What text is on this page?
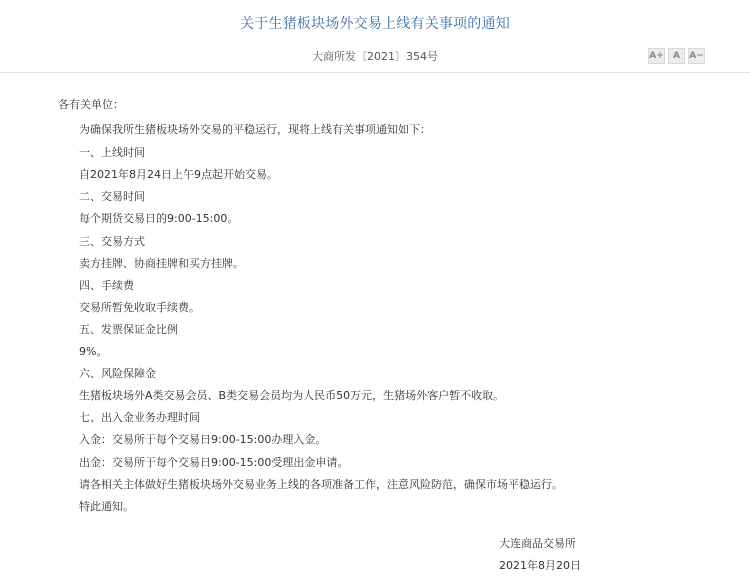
关于生猪板块场外交易上线有关事项的通知
大商所发〔2021〕354号	A+	A	A−
各有关单位：
为确保我所生猪板块场外交易的平稳运行，现将上线有关事项通知如下：
一、上线时间
自2021年8月24日上午9点起开始交易。
二、交易时间
每个期货交易日的9:00-15:00。
三、交易方式
卖方挂牌、协商挂牌和买方挂牌。
四、手续费
交易所暂免收取手续费。
五、发票保证金比例
9%。
六、风险保障金
生猪板块场外A类交易会员、B类交易会员均为人民币50万元，生猪场外客户暂不收取。
七、出入金业务办理时间
入金：交易所于每个交易日9:00-15:00办理入金。
出金：交易所于每个交易日9:00-15:00受理出金申请。
请各相关主体做好生猪板块场外交易业务上线的各项准备工作，注意风险防范，确保市场平稳运行。
特此通知。
大连商品交易所
2021年8月20日
